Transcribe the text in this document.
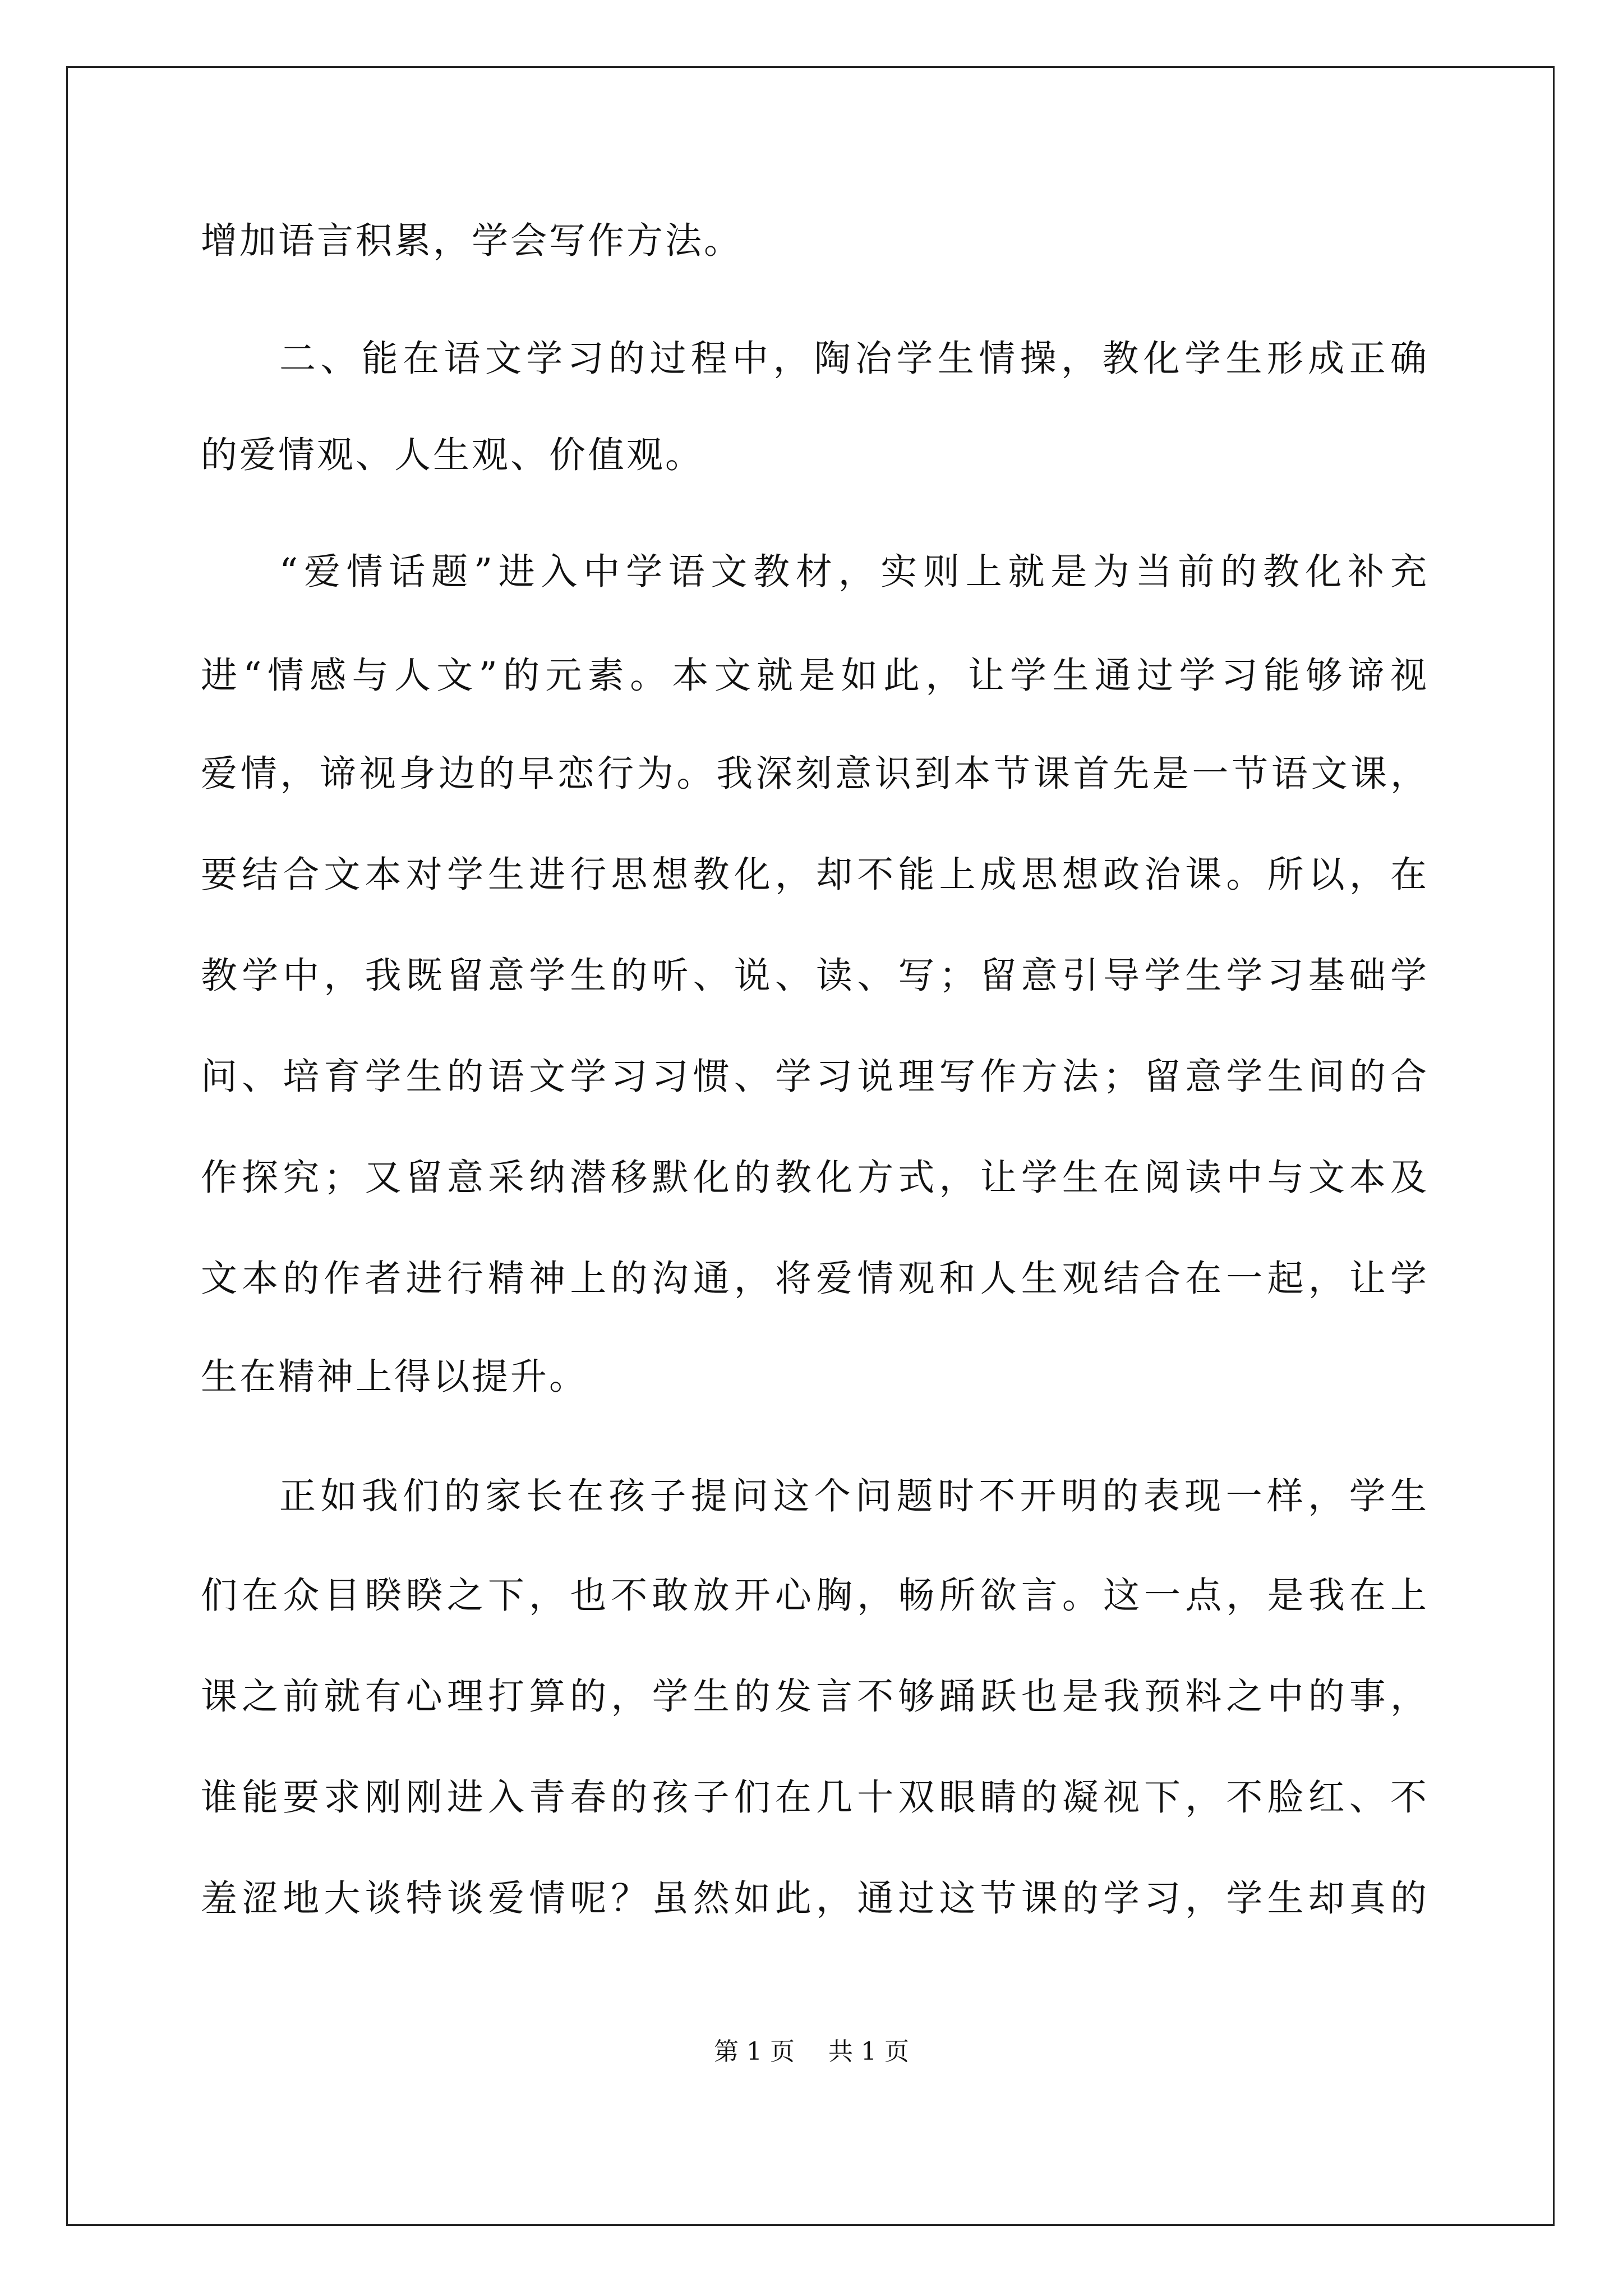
增加语言积累，学会写作方法。
二、能在语文学习的过程中，陶冶学生情操，教化学生形成正确
的爱情观、人生观、价值观。
“爱情话题”进入中学语文教材，实则上就是为当前的教化补充
进“情感与人文”的元素。本文就是如此，让学生通过学习能够谛视
爱情，谛视身边的早恋行为。我深刻意识到本节课首先是一节语文课，
要结合文本对学生进行思想教化，却不能上成思想政治课。所以，在
教学中，我既留意学生的听、说、读、写；留意引导学生学习基础学
问、培育学生的语文学习习惯、学习说理写作方法；留意学生间的合
作探究；又留意采纳潜移默化的教化方式，让学生在阅读中与文本及
文本的作者进行精神上的沟通，将爱情观和人生观结合在一起，让学
生在精神上得以提升。
正如我们的家长在孩子提问这个问题时不开明的表现一样，学生
们在众目睽睽之下，也不敢放开心胸，畅所欲言。这一点，是我在上
课之前就有心理打算的，学生的发言不够踊跃也是我预料之中的事，
谁能要求刚刚进入青春的孩子们在几十双眼睛的凝视下，不脸红、不
羞涩地大谈特谈爱情呢？虽然如此，通过这节课的学习，学生却真的
第 1 页 共 1 页
